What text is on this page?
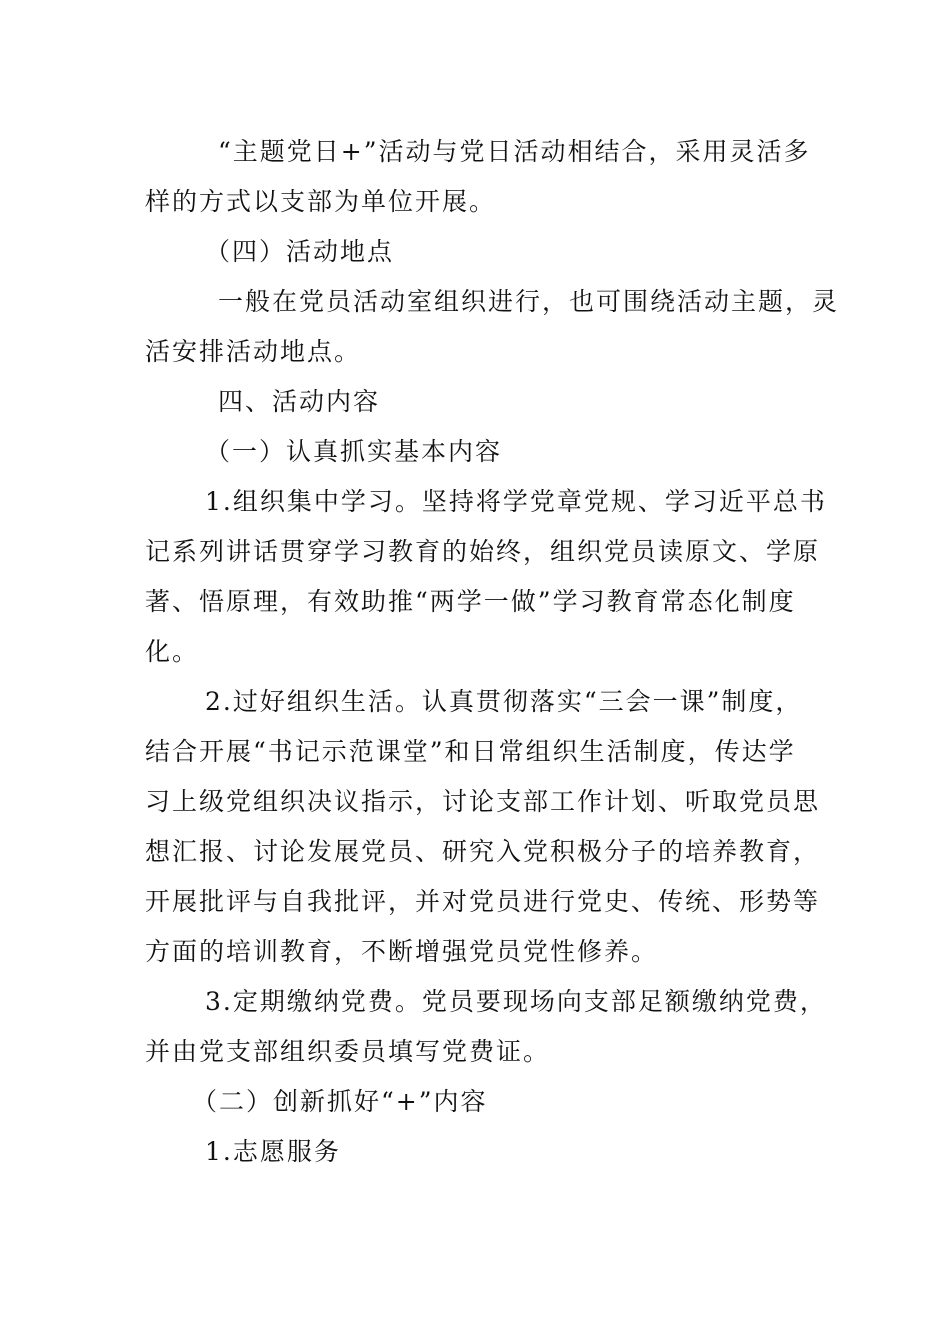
“主题党日+”活动与党日活动相结合，采用灵活多
样的方式以支部为单位开展。
（四）活动地点
一般在党员活动室组织进行，也可围绕活动主题，灵
活安排活动地点。
四、活动内容
（一）认真抓实基本内容
1.组织集中学习。坚持将学党章党规、学习近平总书
记系列讲话贯穿学习教育的始终，组织党员读原文、学原
著、悟原理，有效助推“两学一做”学习教育常态化制度
化。
2.过好组织生活。认真贯彻落实“三会一课”制度，
结合开展“书记示范课堂”和日常组织生活制度，传达学
习上级党组织决议指示，讨论支部工作计划、听取党员思
想汇报、讨论发展党员、研究入党积极分子的培养教育，
开展批评与自我批评，并对党员进行党史、传统、形势等
方面的培训教育，不断增强党员党性修养。
3.定期缴纳党费。党员要现场向支部足额缴纳党费，
并由党支部组织委员填写党费证。
（二）创新抓好“+”内容
1.志愿服务
